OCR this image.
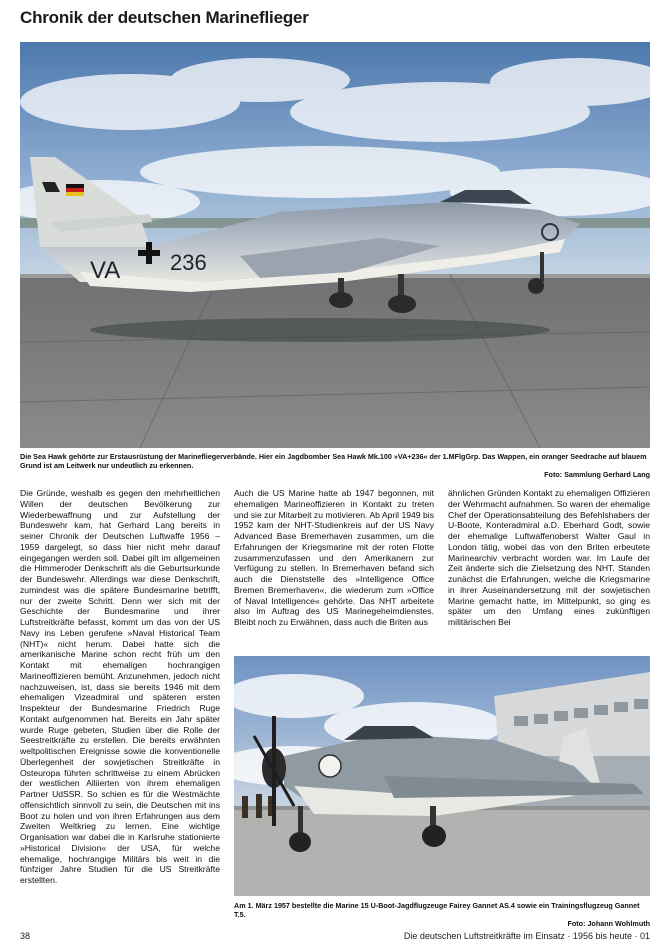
Chronik der deutschen Marineflieger
VA 236
Die Sea Hawk gehörte zur Erstausrüstung der Marinefliegerverbände. Hier ein Jagdbomber Sea Hawk Mk.100 »VA+236« der 1.MFlgGrp. Das Wappen, ein oranger Seedrache auf blauem Grund ist am Leitwerk nur undeutlich zu erkennen.
Foto: Sammlung Gerhard Lang
Die Gründe, weshalb es gegen den mehrheitlichen Willen der deutschen Bevölkerung zur Wiederbewaffnung und zur Aufstellung der Bundeswehr kam, hat Gerhard Lang bereits in seiner Chronik der Deutschen Luftwaffe 1956 – 1959 dargelegt, so dass hier nicht mehr darauf eingegangen werden soll. Dabei gilt im allgemeinen die Himmeroder Denkschrift als die Geburtsurkunde der Bundeswehr. Allerdings war diese Denkschrift, zumindest was die spätere Bundesmarine betrifft, nur der zweite Schritt. Denn wer sich mit der Geschichte der Bundesmarine und ihrer Luftstreitkräfte befasst, kommt um das von der US Navy ins Leben gerufene »Naval Historical Team (NHT)« nicht herum. Dabei hatte sich die amerikanische Marine schon recht früh um den Kontakt mit ehemaligen hochrangigen Marineoffizieren bemüht. Anzunehmen, jedoch nicht nachzuweisen, ist, dass sie bereits 1946 mit dem ehemaligen Vizeadmiral und späteren ersten Inspekteur der Bundesmarine Friedrich Ruge Kontakt aufgenommen hat. Bereits ein Jahr später wurde Ruge gebeten, Studien über die Rolle der Seestreitkräfte zu erstellen. Die bereits erwähnten weltpolitischen Ereignisse sowie die konventionelle Überlegenheit der sowjetischen Streitkräfte in Osteuropa führten schrittweise zu einem Abrücken der westlichen Alliierten von ihrem ehemaligen Partner UdSSR. So schien es für die Westmächte offensichtlich sinnvoll zu sein, die Deutschen mit ins Boot zu holen und von ihren Erfahrungen aus dem Zweiten Weltkrieg zu lernen. Eine wichtige Organisation war dabei die in Karlsruhe stationierte »Historical Division« der USA, für welche ehemalige, hochrangige Militärs bis weit in die fünfziger Jahre Studien für die US Streitkräfte erstellten.
Auch die US Marine hatte ab 1947 begonnen, mit ehemaligen Marineoffizieren in Kontakt zu treten und sie zur Mitarbeit zu motivieren. Ab April 1949 bis 1952 kam der NHT-Studienkreis auf der US Navy Advanced Base Bremerhaven zusammen, um die Erfahrungen der Kriegsmarine mit der roten Flotte zusammenzufassen und den Amerikanern zur Verfügung zu stellen. In Bremerhaven befand sich auch die Dienststelle des »Intelligence Office Bremen Bremerhaven«, die wiederum zum »Office of Naval Intelligence« gehörte. Das NHT arbeitete also im Auftrag des US Marinegeheimdienstes. Bleibt noch zu Erwähnen, dass auch die Briten aus
ähnlichen Gründen Kontakt zu ehemaligen Offizieren der Wehrmacht aufnahmen. So waren der ehemalige Chef der Operationsabteilung des Befehlshabers der U-Boote, Konteradmiral a.D. Eberhard Godt, sowie der ehemalige Luftwaffenoberst Walter Gaul in London tätig, wobei das von den Briten erbeutete Marinearchiv verbracht worden war. Im Laufe der Zeit änderte sich die Zielsetzung des NHT. Standen zunächst die Erfahrungen, welche die Kriegsmarine in ihrer Auseinandersetzung mit der sowjetischen Marine gemacht hatte, im Mittelpunkt, so ging es später um den Umfang eines zukünftigen militärischen Bei
Am 1. März 1957 bestellte die Marine 15 U-Boot-Jagdflugzeuge Fairey Gannet AS.4 sowie ein Trainingsflugzeug Gannet T.5.
Foto: Johann Wohlmuth
38	Die deutschen Luftstreitkräfte im Einsatz · 1956 bis heute · 01
